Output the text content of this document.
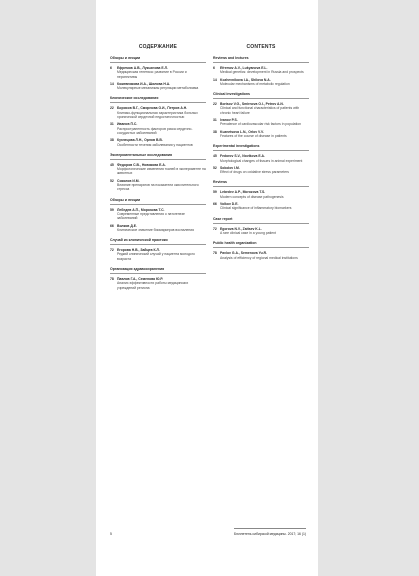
СОДЕРЖАНИЕ
Обзоры и лекции
6	Ефремов А.В., Лукьянова Е.Л.
Медицинская генетика: развитие в России и перспективы
14 Кожевникова И.А., Шилова Н.А.
Молекулярные механизмы регуляции метаболизма
Клинические исследования
22 Борисов В.Г., Смирнова О.И., Петров А.Н.
Клинико-функциональная характеристика больных хронической сердечной недостаточностью
31 Иванов П.С.
Распространенность факторов риска сердечно-сосудистых заболеваний
38 Кузнецова Л.Н., Орлов В.В.
Особенности течения заболевания у пациентов
Экспериментальные исследования
45 Федоров С.В., Новикова Е.А.
Морфологические изменения тканей в эксперименте на животных
52 Соколов И.М.
Влияние препаратов на показатели окислительного стресса
Обзоры и лекции
59 Лебедев А.П., Морозова Т.С.
Современные представления о патогенезе заболеваний
66 Волков Д.Е.
Клиническое значение биомаркеров воспаления
Случай из клинической практики
72 Егорова Н.В., Зайцев К.Л.
Редкий клинический случай у пациента молодого возраста
Организация здравоохранения
78 Павлов Г.А., Семенова Ю.Р.
Анализ эффективности работы медицинских учреждений региона
CONTENTS
Reviews and lectures
6	Efremov A.V., Lukyanova E.L.
Medical genetics: development in Russia and prospects
14 Kozhevnikova I.A., Shilova N.A.
Molecular mechanisms of metabolic regulation
Clinical investigations
22 Borisov V.G., Smirnova O.I., Petrov A.N.
Clinical and functional characteristics of patients with chronic heart failure
31 Ivanov P.S.
Prevalence of cardiovascular risk factors in population
38 Kuznetsova L.N., Orlov V.V.
Features of the course of disease in patients
Experimental investigations
45 Fedorov S.V., Novikova E.A.
Morphological changes of tissues in animal experiment
52 Sokolov I.M.
Effect of drugs on oxidative stress parameters
Reviews
59 Lebedev A.P., Morozova T.S.
Modern concepts of disease pathogenesis
66 Volkov D.E.
Clinical significance of inflammatory biomarkers
Case report
72 Egorova N.V., Zaitsev K.L.
A rare clinical case in a young patient
Public health organization
78 Pavlov G.A., Semenova Yu.R.
Analysis of efficiency of regional medical institutions
5	Бюллетень сибирской медицины. 2017; 16 (1)
